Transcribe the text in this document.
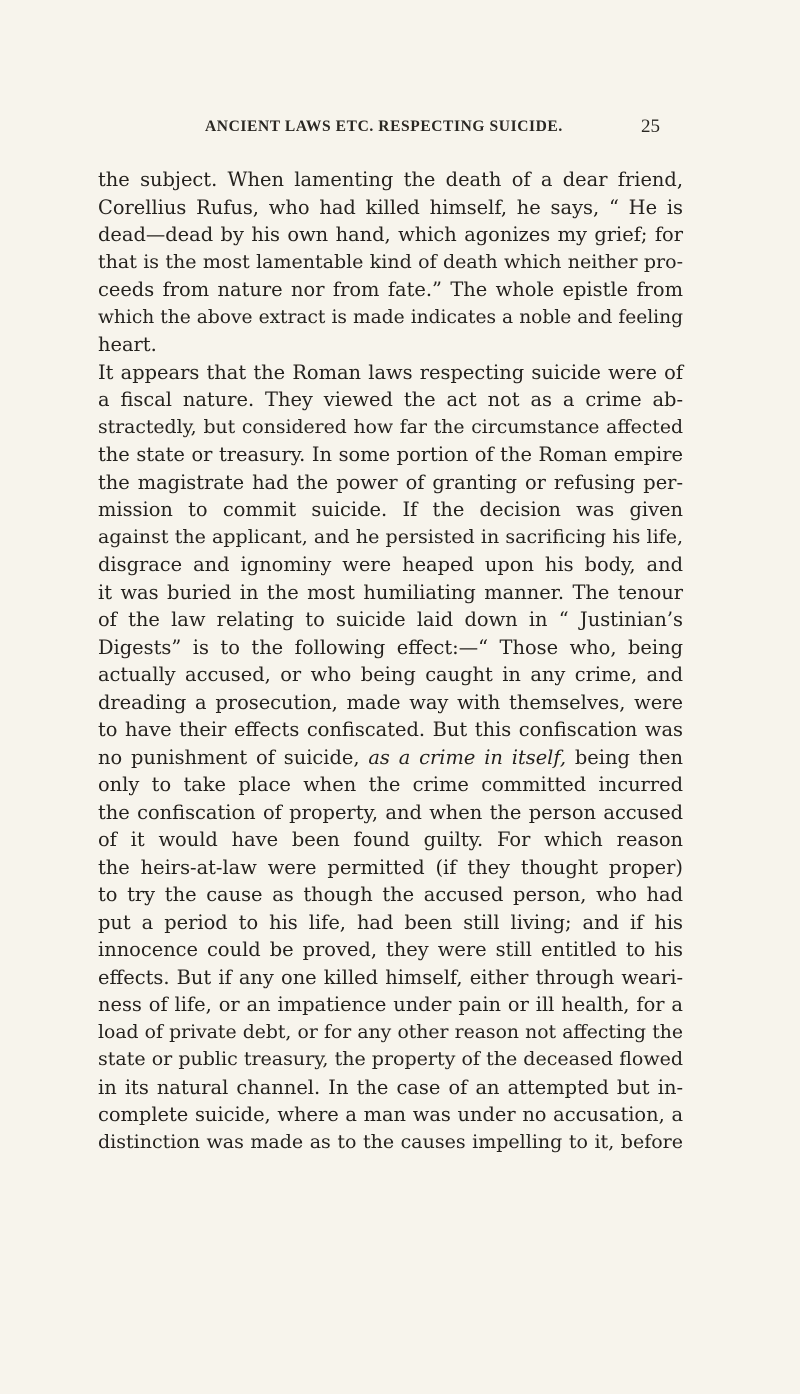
ANCIENT LAWS ETC. RESPECTING SUICIDE.	25
the subject. When lamenting the death of a dear friend,
Corellius Rufus, who had killed himself, he says, “ He is
dead—dead by his own hand, which agonizes my grief; for
that is the most lamentable kind of death which neither pro-
ceeds from nature nor from fate.” The whole epistle from
which the above extract is made indicates a noble and feeling
heart.
It appears that the Roman laws respecting suicide were of
a fiscal nature. They viewed the act not as a crime ab-
stractedly, but considered how far the circumstance affected
the state or treasury. In some portion of the Roman empire
the magistrate had the power of granting or refusing per-
mission to commit suicide. If the decision was given
against the applicant, and he persisted in sacrificing his life,
disgrace and ignominy were heaped upon his body, and
it was buried in the most humiliating manner. The tenour
of the law relating to suicide laid down in “ Justinian’s
Digests” is to the following effect:—“ Those who, being
actually accused, or who being caught in any crime, and
dreading a prosecution, made way with themselves, were
to have their effects confiscated. But this confiscation was
no punishment of suicide, as a crime in itself, being then
only to take place when the crime committed incurred
the confiscation of property, and when the person accused
of it would have been found guilty. For which reason
the heirs-at-law were permitted (if they thought proper)
to try the cause as though the accused person, who had
put a period to his life, had been still living; and if his
innocence could be proved, they were still entitled to his
effects. But if any one killed himself, either through weari-
ness of life, or an impatience under pain or ill health, for a
load of private debt, or for any other reason not affecting the
state or public treasury, the property of the deceased flowed
in its natural channel. In the case of an attempted but in-
complete suicide, where a man was under no accusation, a
distinction was made as to the causes impelling to it, before
